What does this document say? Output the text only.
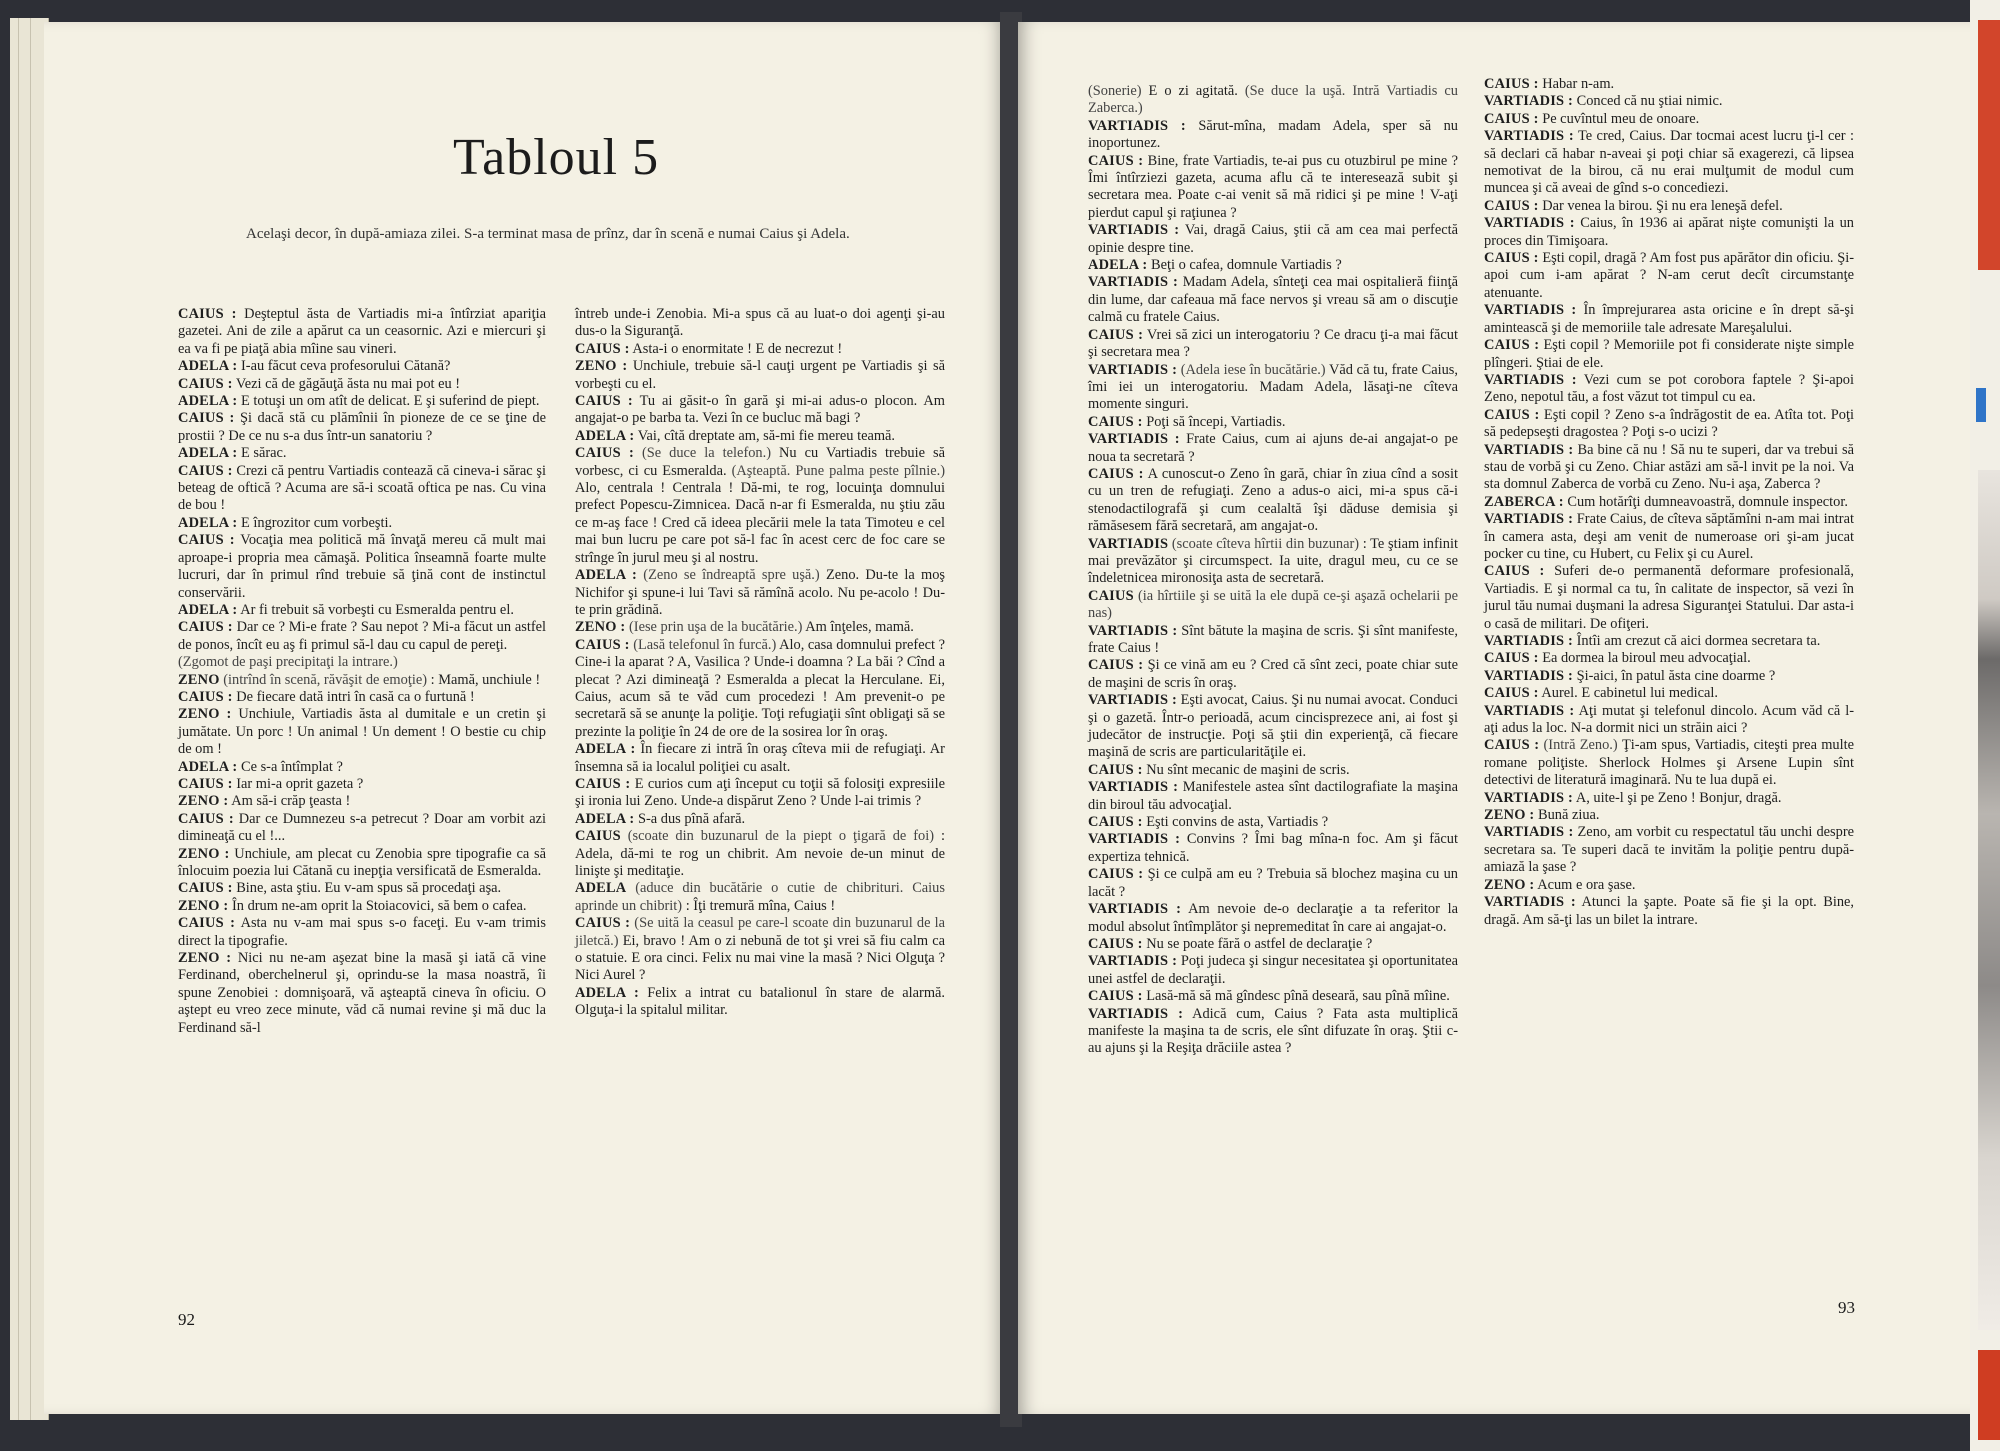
Tabloul 5
Acelaşi decor, în după-amiaza zilei. S-a terminat masa de prînz, dar în scenă e numai Caius şi Adela.

CAIUS : Deşteptul ăsta de Vartiadis mi-a întîrziat apariţia gazetei. Ani de zile a apărut ca un ceasornic. Azi e miercuri şi ea va fi pe piaţă abia mîine sau vineri.

ADELA : I-au făcut ceva profesorului Cătană?

CAIUS : Vezi că de găgăuţă ăsta nu mai pot eu !

ADELA : E totuşi un om atît de delicat. E şi suferind de piept.

CAIUS : Şi dacă stă cu plămînii în pioneze de ce se ţine de prostii ? De ce nu s-a dus într-un sanatoriu ?

ADELA : E sărac.

CAIUS : Crezi că pentru Vartiadis contează că cineva-i sărac şi beteag de oftică ? Acuma are să-i scoată oftica pe nas. Cu vina de bou !

ADELA : E îngrozitor cum vorbeşti.

CAIUS : Vocaţia mea politică mă învaţă mereu că mult mai aproape-i propria mea cămaşă. Politica înseamnă foarte multe lucruri, dar în primul rînd trebuie să ţină cont de instinctul conservării.

ADELA : Ar fi trebuit să vorbeşti cu Esmeralda pentru el.

CAIUS : Dar ce ? Mi-e frate ? Sau nepot ? Mi-a făcut un astfel de ponos, încît eu aş fi primul să-l dau cu capul de pereţi.

(Zgomot de paşi precipitaţi la intrare.)

ZENO (intrînd în scenă, răvăşit de emoţie) : Mamă, unchiule !

CAIUS : De fiecare dată intri în casă ca o furtună !

ZENO : Unchiule, Vartiadis ăsta al dumitale e un cretin şi jumătate. Un porc ! Un animal ! Un dement ! O bestie cu chip de om !

ADELA : Ce s-a întîmplat ?

CAIUS : Iar mi-a oprit gazeta ?

ZENO : Am să-i crăp ţeasta !

CAIUS : Dar ce Dumnezeu s-a petrecut ? Doar am vorbit azi dimineaţă cu el !...

ZENO : Unchiule, am plecat cu Zenobia spre tipografie ca să înlocuim poezia lui Cătană cu inepţia versificată de Esmeralda.

CAIUS : Bine, asta ştiu. Eu v-am spus să procedaţi aşa.

ZENO : În drum ne-am oprit la Stoiacovici, să bem o cafea.

CAIUS : Asta nu v-am mai spus s-o faceţi. Eu v-am trimis direct la tipografie.

ZENO : Nici nu ne-am aşezat bine la masă şi iată că vine Ferdinand, oberchelnerul şi, oprindu-se la masa noastră, îi spune Zenobiei : domnişoară, vă aşteaptă cineva în oficiu. O aştept eu vreo zece minute, văd că numai revine şi mă duc la Ferdinand să-l

întreb unde-i Zenobia. Mi-a spus că au luat-o doi agenţi şi-au dus-o la Siguranţă.

CAIUS : Asta-i o enormitate ! E de necrezut !

ZENO : Unchiule, trebuie să-l cauţi urgent pe Vartiadis şi să vorbeşti cu el.

CAIUS : Tu ai găsit-o în gară şi mi-ai adus-o plocon. Am angajat-o pe barba ta. Vezi în ce bucluc mă bagi ?

ADELA : Vai, cîtă dreptate am, să-mi fie mereu teamă.

CAIUS : (Se duce la telefon.) Nu cu Vartiadis trebuie să vorbesc, ci cu Esmeralda. (Aşteaptă. Pune palma peste pîlnie.) Alo, centrala ! Centrala ! Dă-mi, te rog, locuinţa domnului prefect Popescu-Zimnicea. Dacă n-ar fi Esmeralda, nu ştiu zău ce m-aş face ! Cred că ideea plecării mele la tata Timoteu e cel mai bun lucru pe care pot să-l fac în acest cerc de foc care se strînge în jurul meu şi al nostru.

ADELA : (Zeno se îndreaptă spre uşă.) Zeno. Du-te la moş Nichifor şi spune-i lui Tavi să rămînă acolo. Nu pe-acolo ! Du-te prin grădină.

ZENO : (Iese prin uşa de la bucătărie.) Am înţeles, mamă.

CAIUS : (Lasă telefonul în furcă.) Alo, casa domnului prefect ? Cine-i la aparat ? A, Vasilica ? Unde-i doamna ? La băi ? Cînd a plecat ? Azi dimineaţă ? Esmeralda a plecat la Herculane. Ei, Caius, acum să te văd cum procedezi ! Am prevenit-o pe secretară să se anunţe la poliţie. Toţi refugiaţii sînt obligaţi să se prezinte la poliţie în 24 de ore de la sosirea lor în oraş.

ADELA : În fiecare zi intră în oraş cîteva mii de refugiaţi. Ar însemna să ia localul poliţiei cu asalt.

CAIUS : E curios cum aţi început cu toţii să folosiţi expresiile şi ironia lui Zeno. Unde-a dispărut Zeno ? Unde l-ai trimis ?

ADELA : S-a dus pînă afară.

CAIUS (scoate din buzunarul de la piept o ţigară de foi) : Adela, dă-mi te rog un chibrit. Am nevoie de-un minut de linişte şi meditaţie.

ADELA (aduce din bucătărie o cutie de chibrituri. Caius aprinde un chibrit) : Îţi tremură mîna, Caius !

CAIUS : (Se uită la ceasul pe care-l scoate din buzunarul de la jiletcă.) Ei, bravo ! Am o zi nebună de tot şi vrei să fiu calm ca o statuie. E ora cinci. Felix nu mai vine la masă ? Nici Olguţa ? Nici Aurel ?

ADELA : Felix a intrat cu batalionul în stare de alarmă. Olguţa-i la spitalul militar.

(Sonerie) E o zi agitată. (Se duce la uşă. Intră Vartiadis cu Zaberca.)

VARTIADIS : Sărut-mîna, madam Adela, sper să nu inoportunez.

CAIUS : Bine, frate Vartiadis, te-ai pus cu otuzbirul pe mine ? Îmi întîrziezi gazeta, acuma aflu că te interesează subit şi secretara mea. Poate c-ai venit să mă ridici şi pe mine ! V-aţi pierdut capul şi raţiunea ?

VARTIADIS : Vai, dragă Caius, ştii că am cea mai perfectă opinie despre tine.

ADELA : Beţi o cafea, domnule Vartiadis ?

VARTIADIS : Madam Adela, sînteţi cea mai ospitalieră fiinţă din lume, dar cafeaua mă face nervos şi vreau să am o discuţie calmă cu fratele Caius.

CAIUS : Vrei să zici un interogatoriu ? Ce dracu ţi-a mai făcut şi secretara mea ?

VARTIADIS : (Adela iese în bucătărie.) Văd că tu, frate Caius, îmi iei un interogatoriu. Madam Adela, lăsaţi-ne cîteva momente singuri.

CAIUS : Poţi să începi, Vartiadis.

VARTIADIS : Frate Caius, cum ai ajuns de-ai angajat-o pe noua ta secretară ?

CAIUS : A cunoscut-o Zeno în gară, chiar în ziua cînd a sosit cu un tren de refugiaţi. Zeno a adus-o aici, mi-a spus că-i stenodactilografă şi cum cealaltă îşi dăduse demisia şi rămăsesem fără secretară, am angajat-o.

VARTIADIS (scoate cîteva hîrtii din buzunar) : Te ştiam infinit mai prevăzător şi circumspect. Ia uite, dragul meu, cu ce se îndeletnicea mironosiţa asta de secretară.

CAIUS (ia hîrtiile şi se uită la ele după ce-şi aşază ochelarii pe nas)

VARTIADIS : Sînt bătute la maşina de scris. Şi sînt manifeste, frate Caius !

CAIUS : Şi ce vină am eu ? Cred că sînt zeci, poate chiar sute de maşini de scris în oraş.

VARTIADIS : Eşti avocat, Caius. Şi nu numai avocat. Conduci şi o gazetă. Într-o perioadă, acum cincisprezece ani, ai fost şi judecător de instrucţie. Poţi să ştii din experienţă, că fiecare maşină de scris are particularităţile ei.

CAIUS : Nu sînt mecanic de maşini de scris.

VARTIADIS : Manifestele astea sînt dactilografiate la maşina din biroul tău advocaţial.

CAIUS : Eşti convins de asta, Vartiadis ?

VARTIADIS : Convins ? Îmi bag mîna-n foc. Am şi făcut expertiza tehnică.

CAIUS : Şi ce culpă am eu ? Trebuia să blochez maşina cu un lacăt ?

VARTIADIS : Am nevoie de-o declaraţie a ta referitor la modul absolut întîmplător şi nepremeditat în care ai angajat-o.

CAIUS : Nu se poate fără o astfel de declaraţie ?

VARTIADIS : Poţi judeca şi singur necesitatea şi oportunitatea unei astfel de declaraţii.

CAIUS : Lasă-mă să mă gîndesc pînă deseară, sau pînă mîine.

VARTIADIS : Adică cum, Caius ? Fata asta multiplică manifeste la maşina ta de scris, ele sînt difuzate în oraş. Ştii c-au ajuns şi la Reşiţa drăciile astea ?

CAIUS : Habar n-am.

VARTIADIS : Conced că nu ştiai nimic.

CAIUS : Pe cuvîntul meu de onoare.

VARTIADIS : Te cred, Caius. Dar tocmai acest lucru ţi-l cer : să declari că habar n-aveai şi poţi chiar să exagerezi, că lipsea nemotivat de la birou, că nu erai mulţumit de modul cum muncea şi că aveai de gînd s-o concediezi.

CAIUS : Dar venea la birou. Şi nu era leneşă defel.

VARTIADIS : Caius, în 1936 ai apărat nişte comunişti la un proces din Timişoara.

CAIUS : Eşti copil, dragă ? Am fost pus apărător din oficiu. Şi-apoi cum i-am apărat ? N-am cerut decît circumstanţe atenuante.

VARTIADIS : În împrejurarea asta oricine e în drept să-şi amintească şi de memoriile tale adresate Mareşalului.

CAIUS : Eşti copil ? Memoriile pot fi considerate nişte simple plîngeri. Ştiai de ele.

VARTIADIS : Vezi cum se pot corobora faptele ? Şi-apoi Zeno, nepotul tău, a fost văzut tot timpul cu ea.

CAIUS : Eşti copil ? Zeno s-a îndrăgostit de ea. Atîta tot. Poţi să pedepseşti dragostea ? Poţi s-o ucizi ?

VARTIADIS : Ba bine că nu ! Să nu te superi, dar va trebui să stau de vorbă şi cu Zeno. Chiar astăzi am să-l invit pe la noi. Va sta domnul Zaberca de vorbă cu Zeno. Nu-i aşa, Zaberca ?

ZABERCA : Cum hotărîţi dumneavoastră, domnule inspector.

VARTIADIS : Frate Caius, de cîteva săptămîni n-am mai intrat în camera asta, deşi am venit de numeroase ori şi-am jucat pocker cu tine, cu Hubert, cu Felix şi cu Aurel.

CAIUS : Suferi de-o permanentă deformare profesională, Vartiadis. E şi normal ca tu, în calitate de inspector, să vezi în jurul tău numai duşmani la adresa Siguranţei Statului. Dar asta-i o casă de militari. De ofiţeri.

VARTIADIS : Întîi am crezut că aici dormea secretara ta.

CAIUS : Ea dormea la biroul meu advocaţial.

VARTIADIS : Şi-aici, în patul ăsta cine doarme ?

CAIUS : Aurel. E cabinetul lui medical.

VARTIADIS : Aţi mutat şi telefonul dincolo. Acum văd că l-aţi adus la loc. N-a dormit nici un străin aici ?

CAIUS : (Intră Zeno.) Ţi-am spus, Vartiadis, citeşti prea multe romane poliţiste. Sherlock Holmes şi Arsene Lupin sînt detectivi de literatură imaginară. Nu te lua după ei.

VARTIADIS : A, uite-l şi pe Zeno ! Bonjur, dragă.

ZENO : Bună ziua.

VARTIADIS : Zeno, am vorbit cu respectatul tău unchi despre secretara sa. Te superi dacă te invităm la poliţie pentru după-amiază la şase ?

ZENO : Acum e ora şase.

VARTIADIS : Atunci la şapte. Poate să fie şi la opt. Bine, dragă. Am să-ţi las un bilet la intrare.

92
93
